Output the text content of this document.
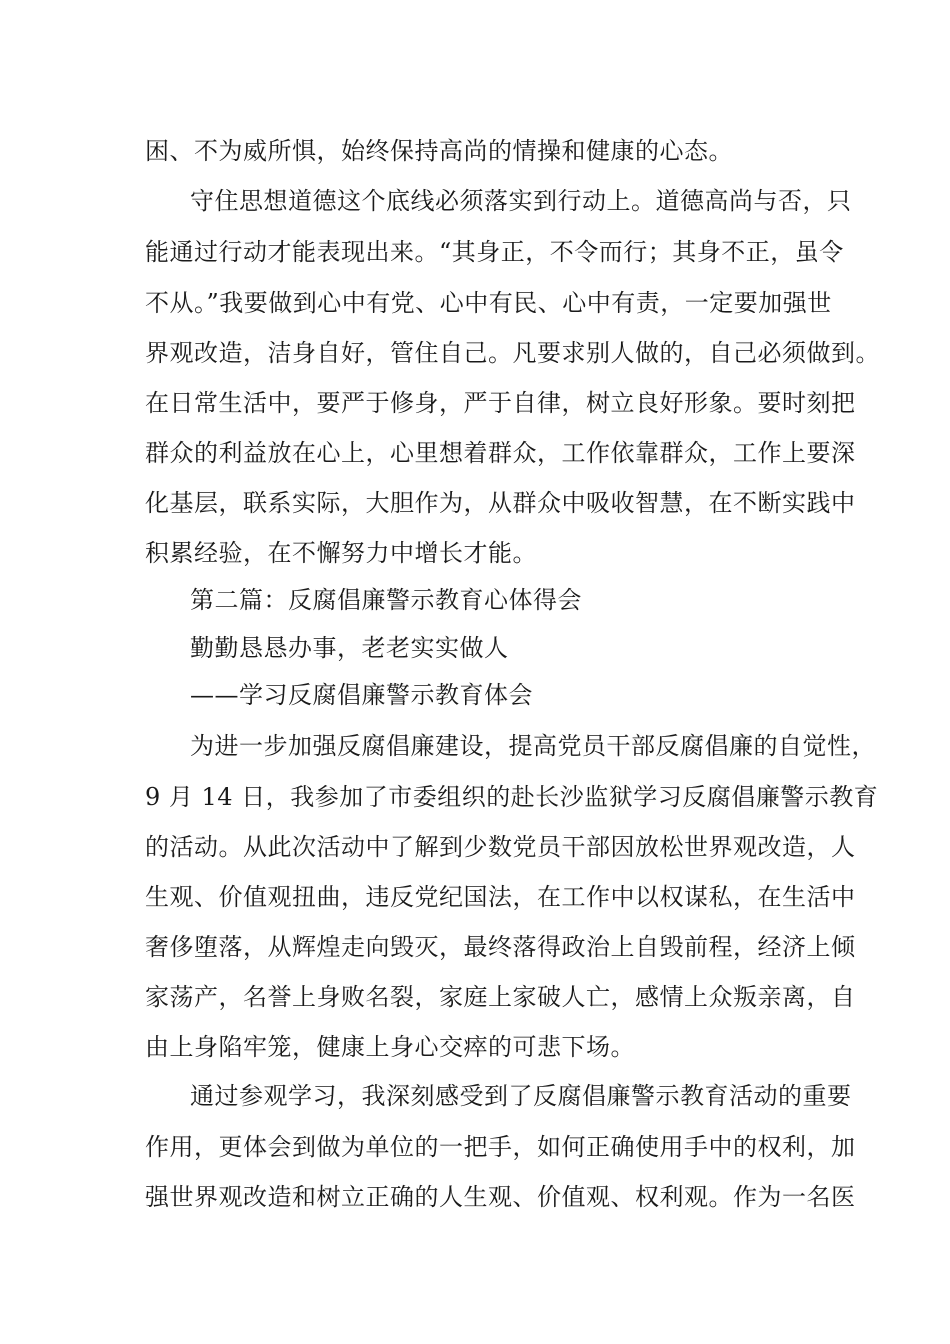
困、不为威所惧，始终保持高尚的情操和健康的心态。
守住思想道德这个底线必须落实到行动上。道德高尚与否，只
能通过行动才能表现出来。“其身正，不令而行；其身不正，虽令
不从。”我要做到心中有党、心中有民、心中有责，一定要加强世
界观改造，洁身自好，管住自己。凡要求别人做的，自己必须做到。
在日常生活中，要严于修身，严于自律，树立良好形象。要时刻把
群众的利益放在心上，心里想着群众，工作依靠群众，工作上要深
化基层，联系实际，大胆作为，从群众中吸收智慧，在不断实践中
积累经验，在不懈努力中增长才能。
第二篇：反腐倡廉警示教育心体得会
勤勤恳恳办事，老老实实做人
——学习反腐倡廉警示教育体会
为进一步加强反腐倡廉建设，提高党员干部反腐倡廉的自觉性，
9 月 14 日，我参加了市委组织的赴长沙监狱学习反腐倡廉警示教育
的活动。从此次活动中了解到少数党员干部因放松世界观改造，人
生观、价值观扭曲，违反党纪国法，在工作中以权谋私，在生活中
奢侈堕落，从辉煌走向毁灭，最终落得政治上自毁前程，经济上倾
家荡产，名誉上身败名裂，家庭上家破人亡，感情上众叛亲离，自
由上身陷牢笼，健康上身心交瘁的可悲下场。
通过参观学习，我深刻感受到了反腐倡廉警示教育活动的重要
作用，更体会到做为单位的一把手，如何正确使用手中的权利，加
强世界观改造和树立正确的人生观、价值观、权利观。作为一名医
